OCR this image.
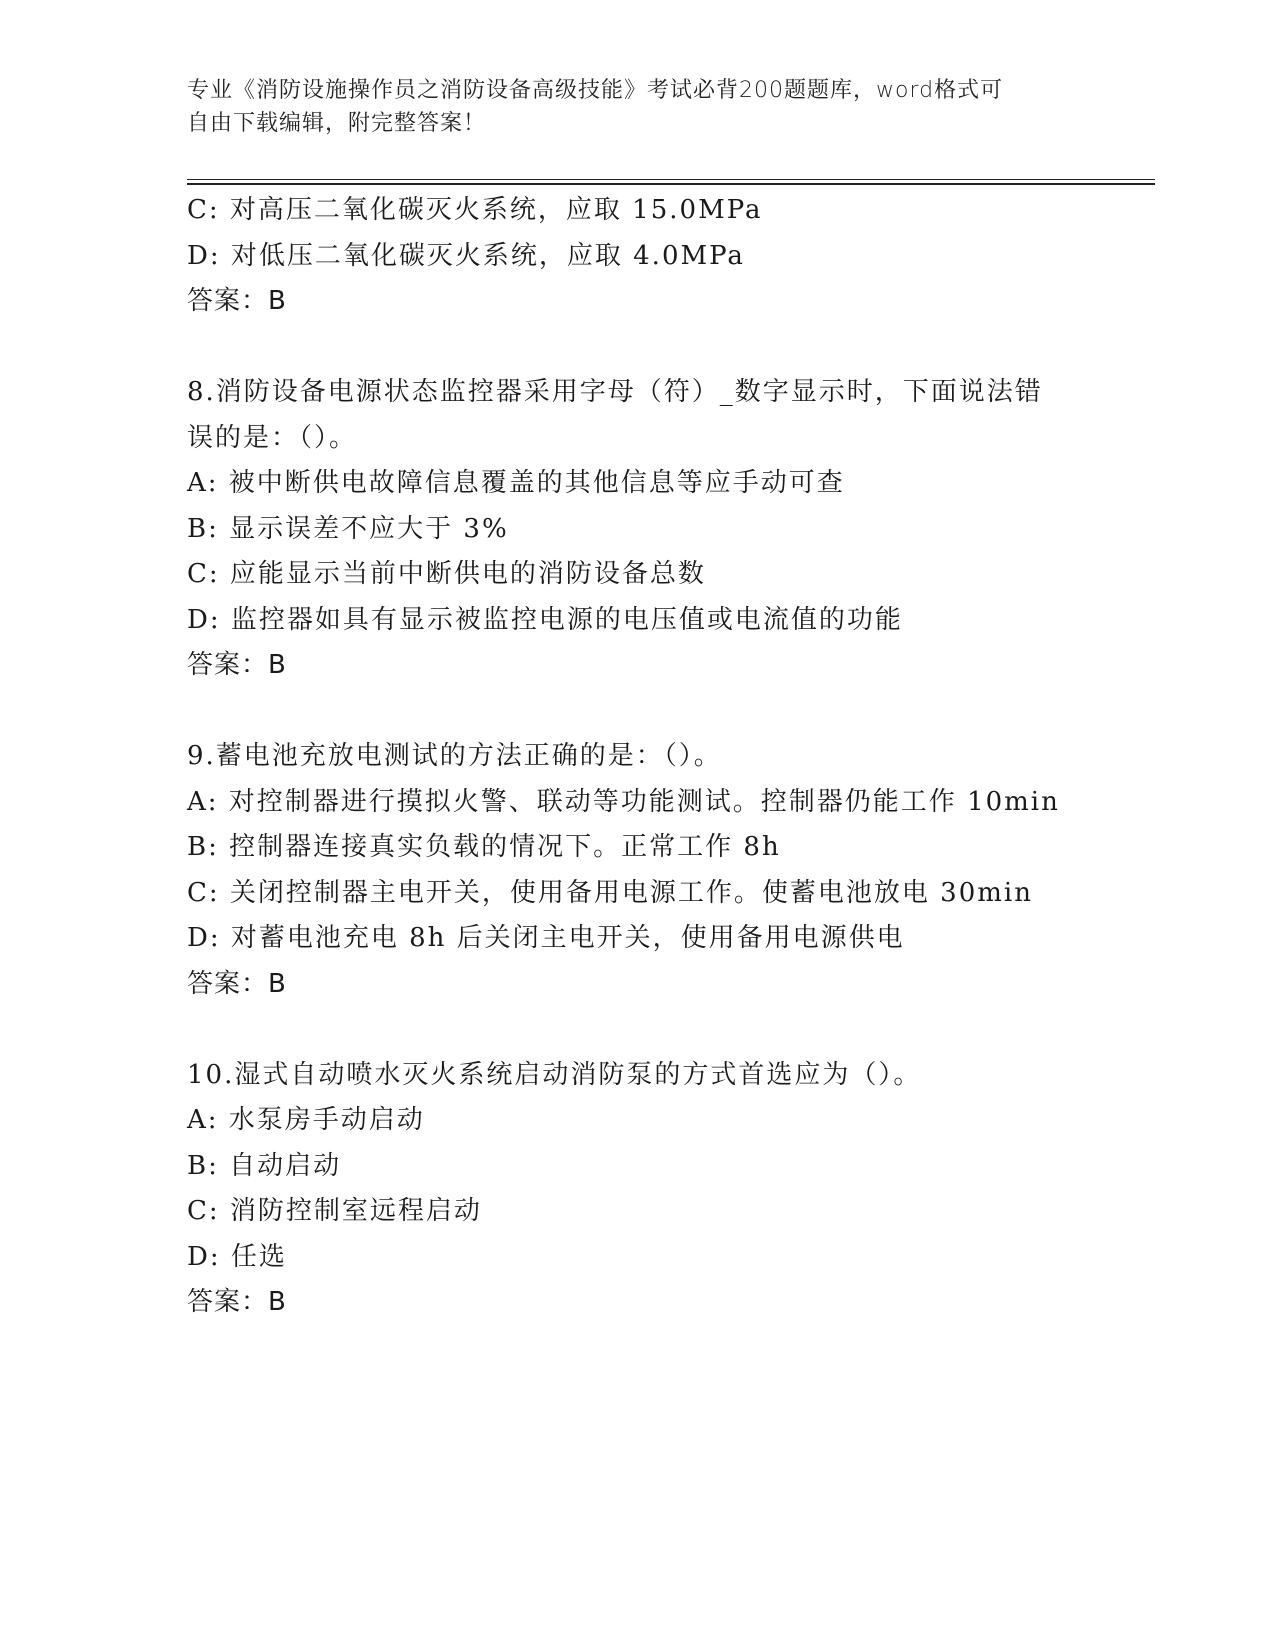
专业《消防设施操作员之消防设备高级技能》考试必背200题题库，word格式可
自由下载编辑，附完整答案！
C: 对高压二氧化碳灭火系统，应取 15.0MPa
D: 对低压二氧化碳灭火系统，应取 4.0MPa
答案：B
8.消防设备电源状态监控器采用字母（符）_数字显示时，下面说法错
误的是：（）。
A: 被中断供电故障信息覆盖的其他信息等应手动可查
B: 显示误差不应大于 3%
C: 应能显示当前中断供电的消防设备总数
D: 监控器如具有显示被监控电源的电压值或电流值的功能
答案：B
9.蓄电池充放电测试的方法正确的是：（）。
A: 对控制器进行摸拟火警、联动等功能测试。控制器仍能工作 10min
B: 控制器连接真实负载的情况下。正常工作 8h
C: 关闭控制器主电开关，使用备用电源工作。使蓄电池放电 30min
D: 对蓄电池充电 8h 后关闭主电开关，使用备用电源供电
答案：B
10.湿式自动喷水灭火系统启动消防泵的方式首选应为（）。
A: 水泵房手动启动
B: 自动启动
C: 消防控制室远程启动
D: 任选
答案：B
